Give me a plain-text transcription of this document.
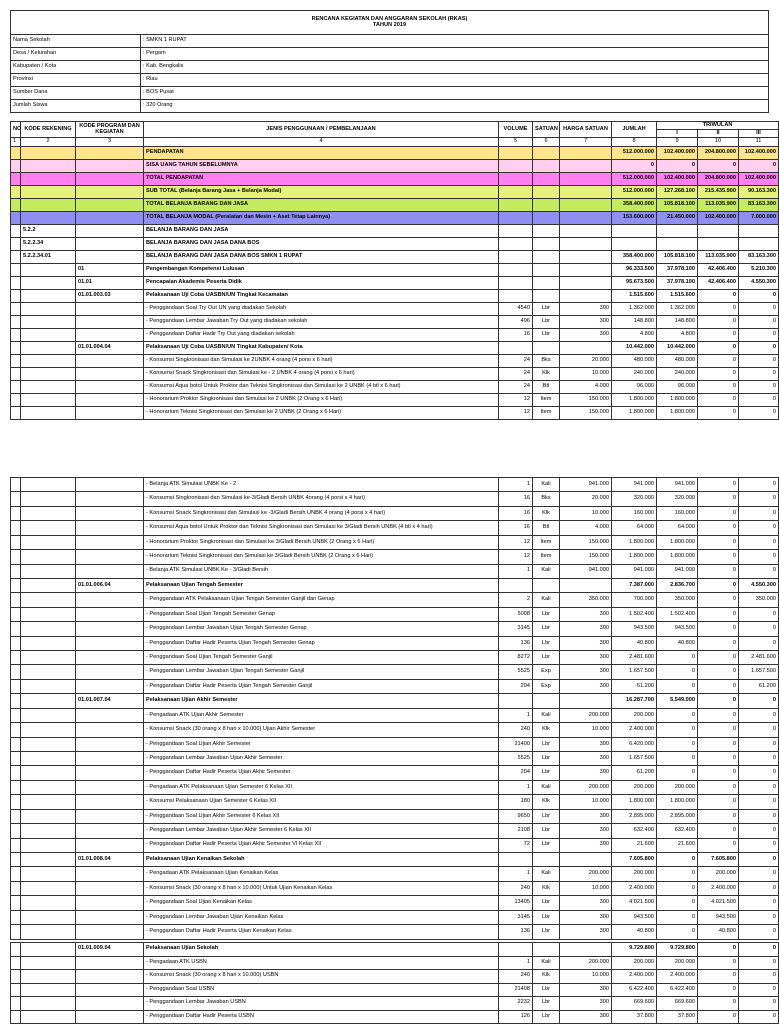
RENCANA KEGIATAN DAN ANGGARAN SEKOLAH (RKAS)
TAHUN 2019	

Nama Sekolah	: SMKN 1 RUPAT
Desa / Kelurahan	: Pergam
Kabupaten / Kota	: Kab. Bengkalis
Provinsi	: Riau
Sumber Dana	: BOS Pusat
Jumlah Siswa	: 320 Orang
NO	KODE REKENING	KODE PROGRAM DAN KEGIATAN	JENIS PENGGUNAAN / PEMBELANJAAN	VOLUME	SATUAN	HARGA SATUAN	JUMLAH	TRIWULAN		
								I	II	III
1	2	3	4	5	6	7	8	9	10	11
			PENDAPATAN				512.000.000	102.400.000	204.800.000	102.400.000
			SISA UANG TAHUN SEBELUMNYA				0	0	0	0
			TOTAL PENDAPATAN				512.000.000	102.400.000	204.800.000	102.400.000
			SUB TOTAL (Belanja Barang Jasa + Belanja Modal)				512.000.000	127.268.100	215.435.900	90.163.300
			TOTAL BELANJA BARANG DAN JASA				358.400.000	105.818.100	113.035.900	83.163.300
			TOTAL BELANJA MODAL (Peralatan dan Mesin + Aset Tetap Lainnya)				153.600.000	21.450.000	102.400.000	7.000.000
	5.2.2		BELANJA BARANG DAN JASA							
	5.2.2.34		BELANJA BARANG DAN JASA DANA BOS							
	5.2.2.34.01		BELANJA BARANG DAN JASA DANA BOS SMKN 1 RUPAT				358.400.000	105.818.100	113.035.900	83.163.300
		01	Pengembangan Kompetensi Lulusan				96.333.500	37.978.100	42.406.400	5.210.300
		01.01	Pencapaian Akademis Peserta Didik				95.673.500	37.978.100	42.406.400	4.550.300
		01.01.003.03	Pelaksanaan Uji Coba UASBN/UN Tingkat Kecamatan				1.515.600	1.515.600	0	0
			- Penggandaan Soal Try Out UN yang diadakan Sekolah	4540	Lbr	300	1.362.000	1.362.000	0	0
			- Penggandaan Lembar Jawaban Try Out yang diadakan sekolah	496	Lbr	300	148.800	148.800	0	0
			- Penggandaan Daftar Hadir Try Out yang diadakan sekolah	16	Lbr	300	4.800	4.800	0	0
		01.01.004.04	Pelaksanaan Uji Coba UASBN/UN Tingkat Kabupaten/ Kota				10.442.000	10.442.000	0	0
			- Konsumsi Singkronisasi dan Simulasi ke 2UNBK 4 orang (4 porsi x 6 hari)	24	Bks	20.000	480.000	480.000	0	0
			- Konsumsi Snack Singkronisasi dan Simulasi ke - 2 UNBK 4 orang (4 porsi x 6 hari)	24	Klk	10.000	240.000	240.000	0	0
			- Konsumsi Aqua botol Untuk Proktor dan Teknisi Singkronisasi dan Simulasi ke 2 UNBK (4 btl x 6 hari)	24	Btl	4.000	96.000	96.000	0	0
			- Honorarium Proktor Singkronisasi dan Simulasi ke 2 UNBK (2 Orang x 6 Hari)	12	Item	150.000	1.800.000	1.800.000	0	0
			- Honorarium Teknisi Singkronisasi dan Simulasi ke 2 UNBK (2 Orang x 6 Hari)	12	Item	150.000	1.800.000	1.800.000	0	0
			- Belanja ATK Simulasi UNBK Ke - 2	1	Kali	941.000	941.000	941.000	0	0
			- Konsumsi Singkronisasi dan Simulasi ke-3/Gladi Bersih UNBK 4orang (4 porsi x 4 hari)	16	Bks	20.000	320.000	320.000	0	0
			- Konsumsi Snack Singkronisasi dan Simulasi ke -3/Gladi Bersih UNBK 4 orang (4 porsi x 4 hari)	16	Klk	10.000	160.000	160.000	0	0
			- Konsumsi Aqua botol Untuk Proktor dan Teknisi Singkronisasi dan Simulasi ke 3/Gladi Bersih UNBK (4 btl x 4 hari)	16	Btl	4.000	64.000	64.000	0	0
			- Honorarium Proktor Singkronisasi dan Simulasi ke 3/Gladi Bersih UNBK (2 Orang x 6 Hari)	12	Item	150.000	1.800.000	1.800.000	0	0
			- Honorarium Teknisi Singkronisasi dan Simulasi ke 3/Gladi Bersih UNBK (2 Orang x 6 Hari)	12	Item	150.000	1.800.000	1.800.000	0	0
			- Belanja ATK Simulasi UNBK Ke - 3/Gladi Bersih	1	Kali	941.000	941.000	941.000	0	0
		01.01.006.04	Pelaksanaan Ujian Tengah Semester				7.387.000	2.836.700	0	4.550.300
			- Penggandaan ATK Pelaksanaan Ujian Tengah Semester Ganjil dan Genap	2	Kali	350.000	700.000	350.000	0	350.000
			- Penggandaan Soal Ujian Tengah Semester Genap	5008	Lbr	300	1.502.400	1.502.400	0	0
			- Penggandaan Lembar Jawaban Ujian Tengah Semester Genap	3145	Lbr	300	943.500	943.500	0	0
			- Penggandaan Daftar Hadir Peserta Ujian Tengah Semester Genap	136	Lbr	300	40.800	40.800	0	0
			- Penggandaan Soal Ujian Tengah Semester Ganjil	8272	Lbr	300	2.481.600	0	0	2.481.600
			- Penggandaan Lembar Jawaban Ujian Tengah Semester Ganjil	5525	Exp	300	1.657.500	0	0	1.657.500
			- Penggandaan Daftar Hadir Peserta Ujian Tengah Semester Ganjil	204	Exp	300	61.200	0	0	61.200
		01.01.007.04	Pelaksanaan Ujian Akhir Semester				16.287.700	5.549.000	0	0
			- Pengadaan ATK Ujian Akhir Semester	1	Kali	200.000	200.000	0	0	0
			- Konsumsi Snack (30 orang x 8 hari x 10.000) Ujian Akhir Semester	240	Klk	10.000	2.400.000	0	0	0
			- Penggandaan Soal Ujian Akhir Semester	21400	Lbr	300	6.420.000	0	0	0
			- Penggandaan Lembar Jawaban Ujian Akhir Semester	5525	Lbr	300	1.657.500	0	0	0
			- Penggandaan Daftar Hadir Peserta Ujian Akhir Semester	204	Lbr	300	61.200	0	0	0
			- Pengadaan ATK Pelaksanaan Ujian Semester 6 Kelas XII	1	Kali	200.000	200.000	200.000	0	0
			- Konsumsi Pelaksanaan Ujian Semester 6 Kelas XII	180	Klk	10.000	1.800.000	1.800.000	0	0
			- Penggandaan Soal Ujian Akhir Semester 6 Kelas XII	9650	Lbr	300	2.895.000	2.895.000	0	0
			- Penggandaan Lembar Jawaban Ujian Akhir Semester 6 Kelas XII	2108	Lbr	300	632.400	632.400	0	0
			- Penggandaan Daftar Hadir Peserta Ujian Akhir Semester VI Kelas XII	72	Lbr	300	21.600	21.600	0	0
		01.01.008.04	Pelaksanaan Ujian Kenaikan Sekolah				7.605.800	0	7.605.800	0
			- Pengadaan ATK Pelaksanaan Ujian Kenaikan Kelas	1	Kali	200.000	200.000	0	200.000	0
			- Konsumsi Snack (30 orang x 8 hari x 10.000) Untuk Ujian Kenaikan Kelas	240	Klk	10.000	2.400.000	0	2.400.000	0
			- Penggandaan Soal Ujian Kenaikan Kelas	13405	Lbr	300	4.021.500	0	4.021.500	0
			- Penggandaan Lembar Jawaban Ujian Kenaikan Kelas	3145	Lbr	300	943.500	0	943.500	0
			- Penggandaan Daftar Hadir Peserta Ujian Kenaikan Kelas	136	Lbr	300	40.800	0	40.800	0
		01.01.009.04	Pelaksanaan Ujian Sekolah				9.729.800	9.729.800	0	0
			- Pengadaan ATK USBN	1	Kali	200.000	200.000	200.000	0	0
			- Konsumsi Snack (30 orang x 8 hari x 10.000) USBN	240	Klk	10.000	2.400.000	2.400.000	0	0
			- Penggandaan Soal USBN	21408	Lbr	300	6.422.400	6.422.400	0	0
			- Penggandaan Lembar Jawaban USBN	2232	Lbr	300	669.600	669.600	0	0
			- Penggandaan Daftar Hadir Peserta USBN	126	Lbr	300	37.800	37.800	0	0
